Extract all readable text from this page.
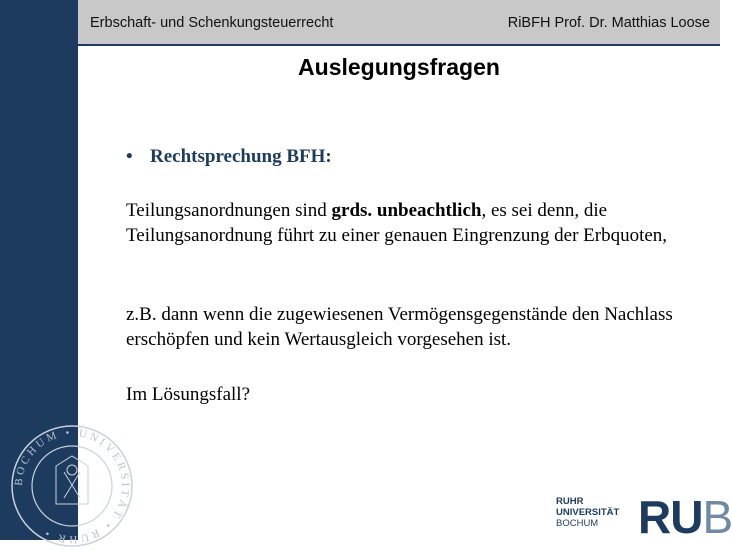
Erbschaft- und Schenkungsteuerrecht	RiBFH Prof. Dr. Matthias Loose
Auslegungsfragen
• Rechtsprechung BFH:
Teilungsanordnungen sind grds. unbeachtlich, es sei denn, die Teilungsanordnung führt zu einer genauen Eingrenzung der Erbquoten,
z.B. dann wenn die zugewiesenen Vermögensgegenstände den Nachlass erschöpfen und kein Wertausgleich vorgesehen ist.
Im Lösungsfall?
BOCHUM • UNIVERSITÄT • RUHR •
RUHR
UNIVERSITÄT
BOCHUM RUB
